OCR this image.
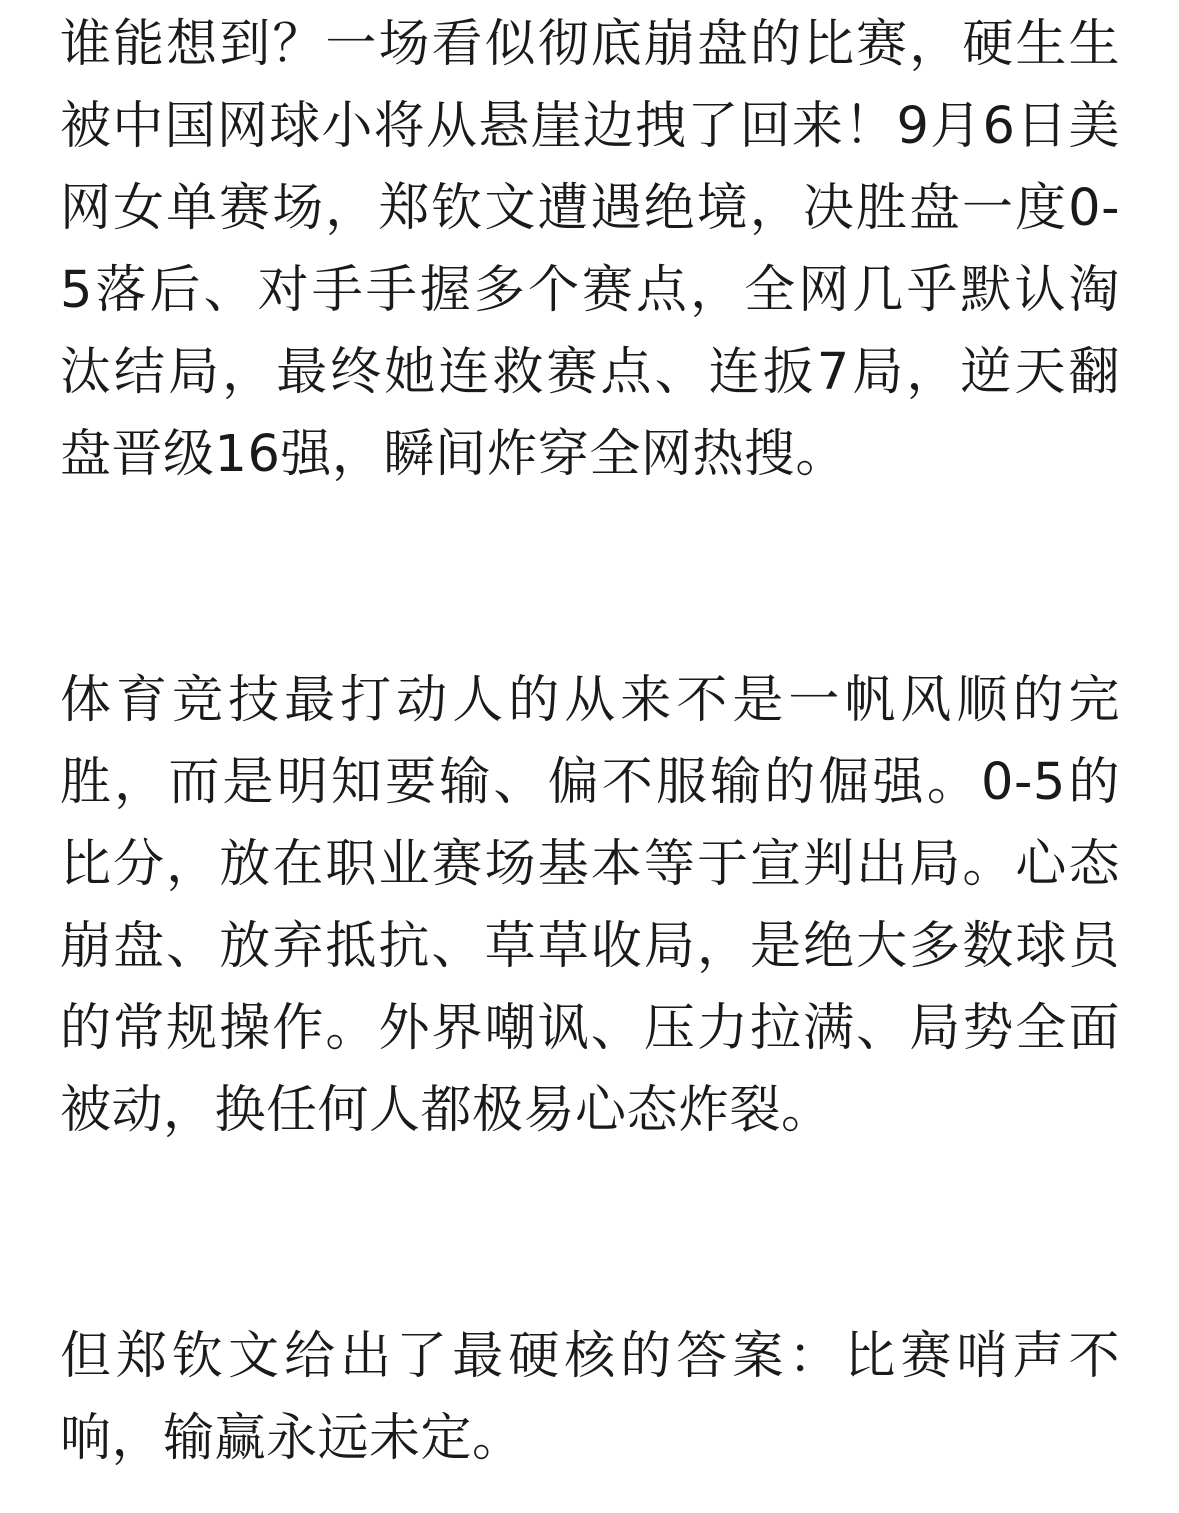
谁能想到？一场看似彻底崩盘的比赛，硬生生被中国网球小将从悬崖边拽了回来！9月6日美网女单赛场，郑钦文遭遇绝境，决胜盘一度0-5落后、对手手握多个赛点，全网几乎默认淘汰结局，最终她连救赛点、连扳7局，逆天翻盘晋级16强，瞬间炸穿全网热搜。

体育竞技最打动人的从来不是一帆风顺的完胜，而是明知要输、偏不服输的倔强。0-5的比分，放在职业赛场基本等于宣判出局。心态崩盘、放弃抵抗、草草收局，是绝大多数球员的常规操作。外界嘲讽、压力拉满、局势全面被动，换任何人都极易心态炸裂。

但郑钦文给出了最硬核的答案：比赛哨声不响，输赢永远未定。
